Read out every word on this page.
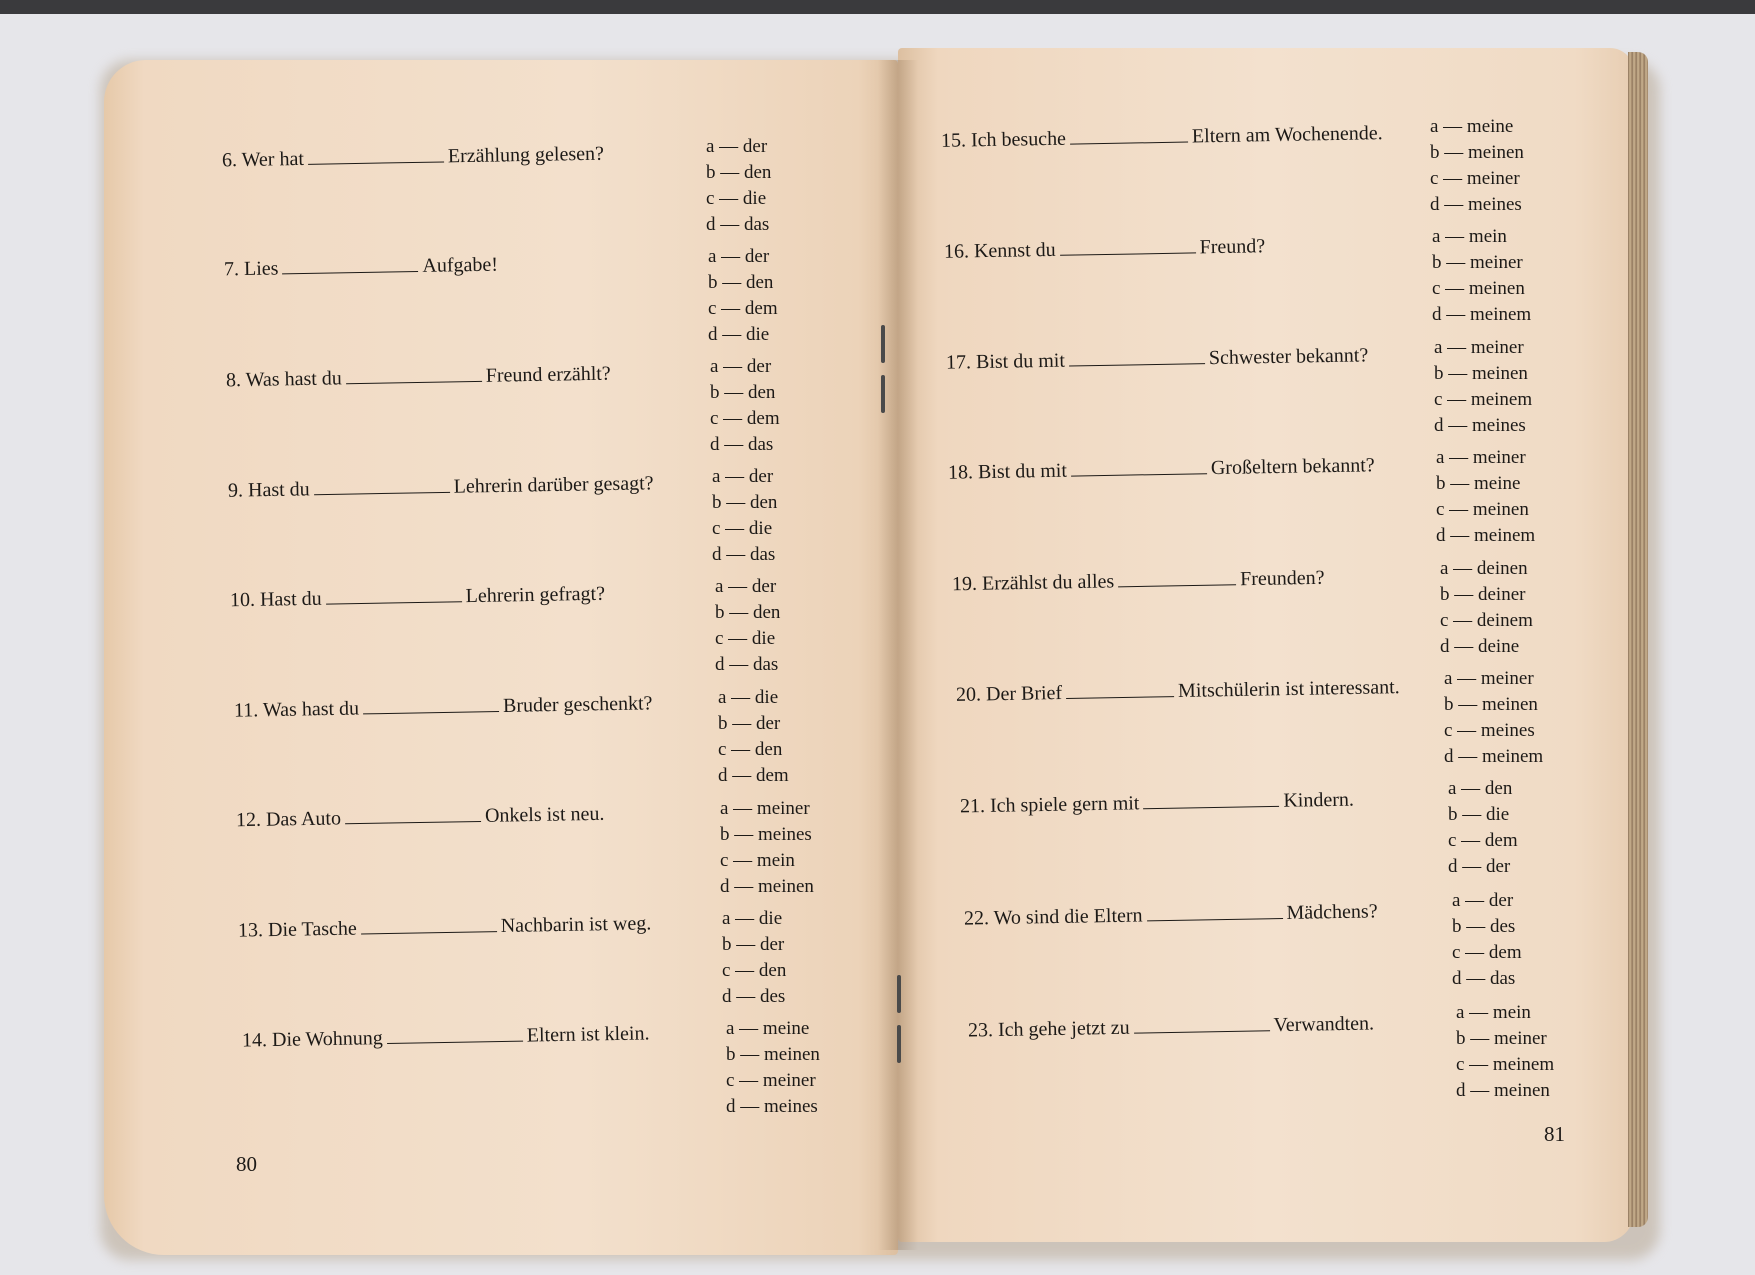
6. Wer hat	Erzählung gelesen?	a — der
b — den
c — die
d — das
7. Lies	Aufgabe!	a — der
b — den
c — dem
d — die
8. Was hast du	Freund erzählt?	a — der
b — den
c — dem
d — das
9. Hast du	Lehrerin darüber gesagt?	a — der
b — den
c — die
d — das
10. Hast du	Lehrerin gefragt?	a — der
b — den
c — die
d — das
11. Was hast du	Bruder geschenkt?	a — die
b — der
c — den
d — dem
12. Das Auto	Onkels ist neu.	a — meiner
b — meines
c — mein
d — meinen
13. Die Tasche	Nachbarin ist weg.	a — die
b — der
c — den
d — des
14. Die Wohnung	Eltern ist klein.	a — meine
b — meinen
c — meiner
d — meines
80
15. Ich besuche	Eltern am Wochenende. a — meine
b — meinen
c — meiner
d — meines
16. Kennst du	Freund?	a — mein
b — meiner
c — meinen
d — meinem
17. Bist du mit	Schwester bekannt?	a — meiner
b — meinen
c — meinem
d — meines
18. Bist du mit	Großeltern bekannt?	a — meiner
b — meine
c — meinen
d — meinem
19. Erzählst du alles	Freunden?	a — deinen
b — deiner
c — deinem
d — deine
20. Der Brief	Mitschülerin ist interessant. a — meiner
b — meinen
c — meines
d — meinem
21. Ich spiele gern mit	Kindern.
a — den
b — die
c — dem
d — der
22. Wo sind die Eltern	Mädchens?	a — der
b — des
c — dem
d — das
23. Ich gehe jetzt zu	Verwandten.	a — mein
b — meiner
c — meinem
d — meinen
81
